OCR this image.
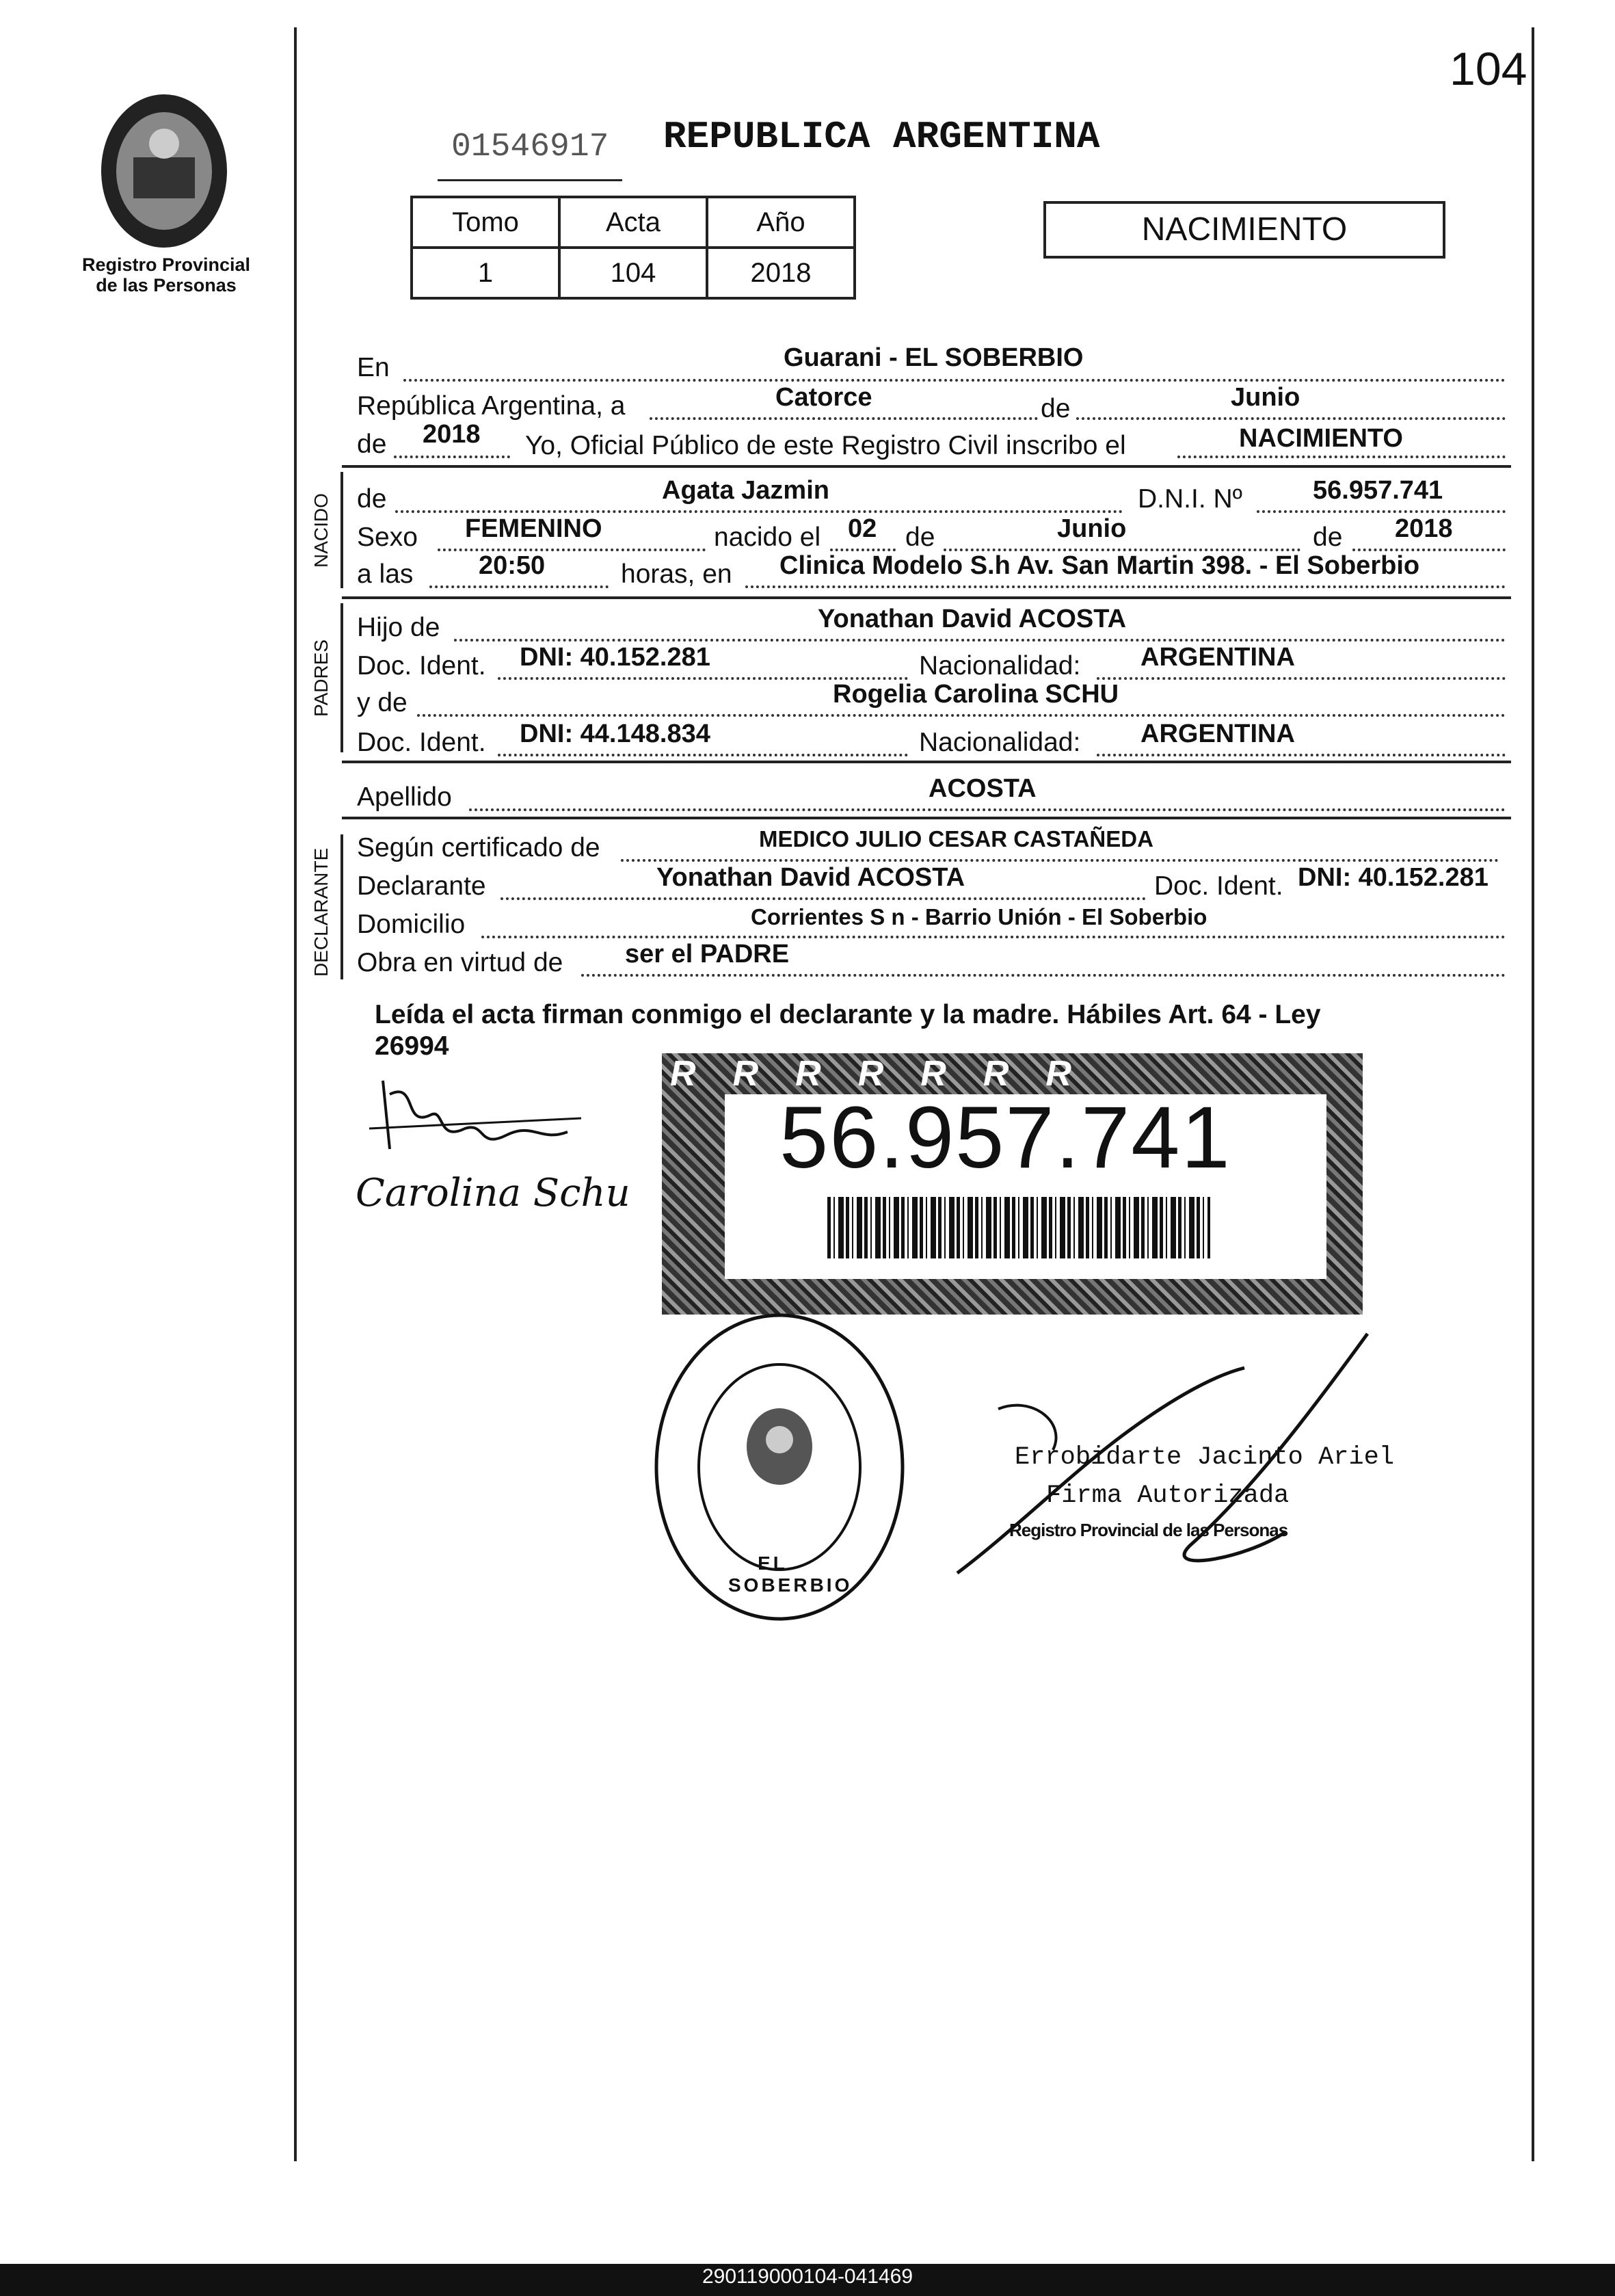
104
Registro Provincial
de las Personas
01546917 REPUBLICA ARGENTINA
Tomo	Acta	Año
1	104	2018
NACIMIENTO
En	Guarani - EL SOBERBIO
República Argentina, a	Catorce	de	Junio
de 2018 Yo, Oficial Público de este Registro Civil inscribo el	NACIMIENTO
NACIDO de	Agata Jazmin	D.N.I. Nº	56.957.741
Sexo FEMENINO	nacido el 02 de	Junio	de 2018
a las	20:50	horas, en Clinica Modelo S.h Av. San Martin 398. - El Soberbio
PADRES
Hijo de	Yonathan David ACOSTA
Doc. Ident. DNI: 40.152.281	Nacionalidad: ARGENTINA
y de	Rogelia Carolina SCHU
Doc. Ident. DNI: 44.148.834	Nacionalidad: ARGENTINA
Apellido	ACOSTA
DECLARANTE
Según certificado de	MEDICO JULIO CESAR CASTAÑEDA
Declarante	Yonathan David ACOSTA	Doc. Ident. DNI: 40.152.281
Domicilio	Corrientes S n - Barrio Unión - El Soberbio
Obra en virtud de ser el PADRE
Leída el acta firman conmigo el declarante y la madre. Hábiles Art. 64 - Ley
26994
RRRRRRR
56.957.741
Carolina Schu
EL SOBERBIO
Errobidarte Jacinto Ariel
Firma Autorizada
Registro Provincial de las Personas
290119000104-041469
